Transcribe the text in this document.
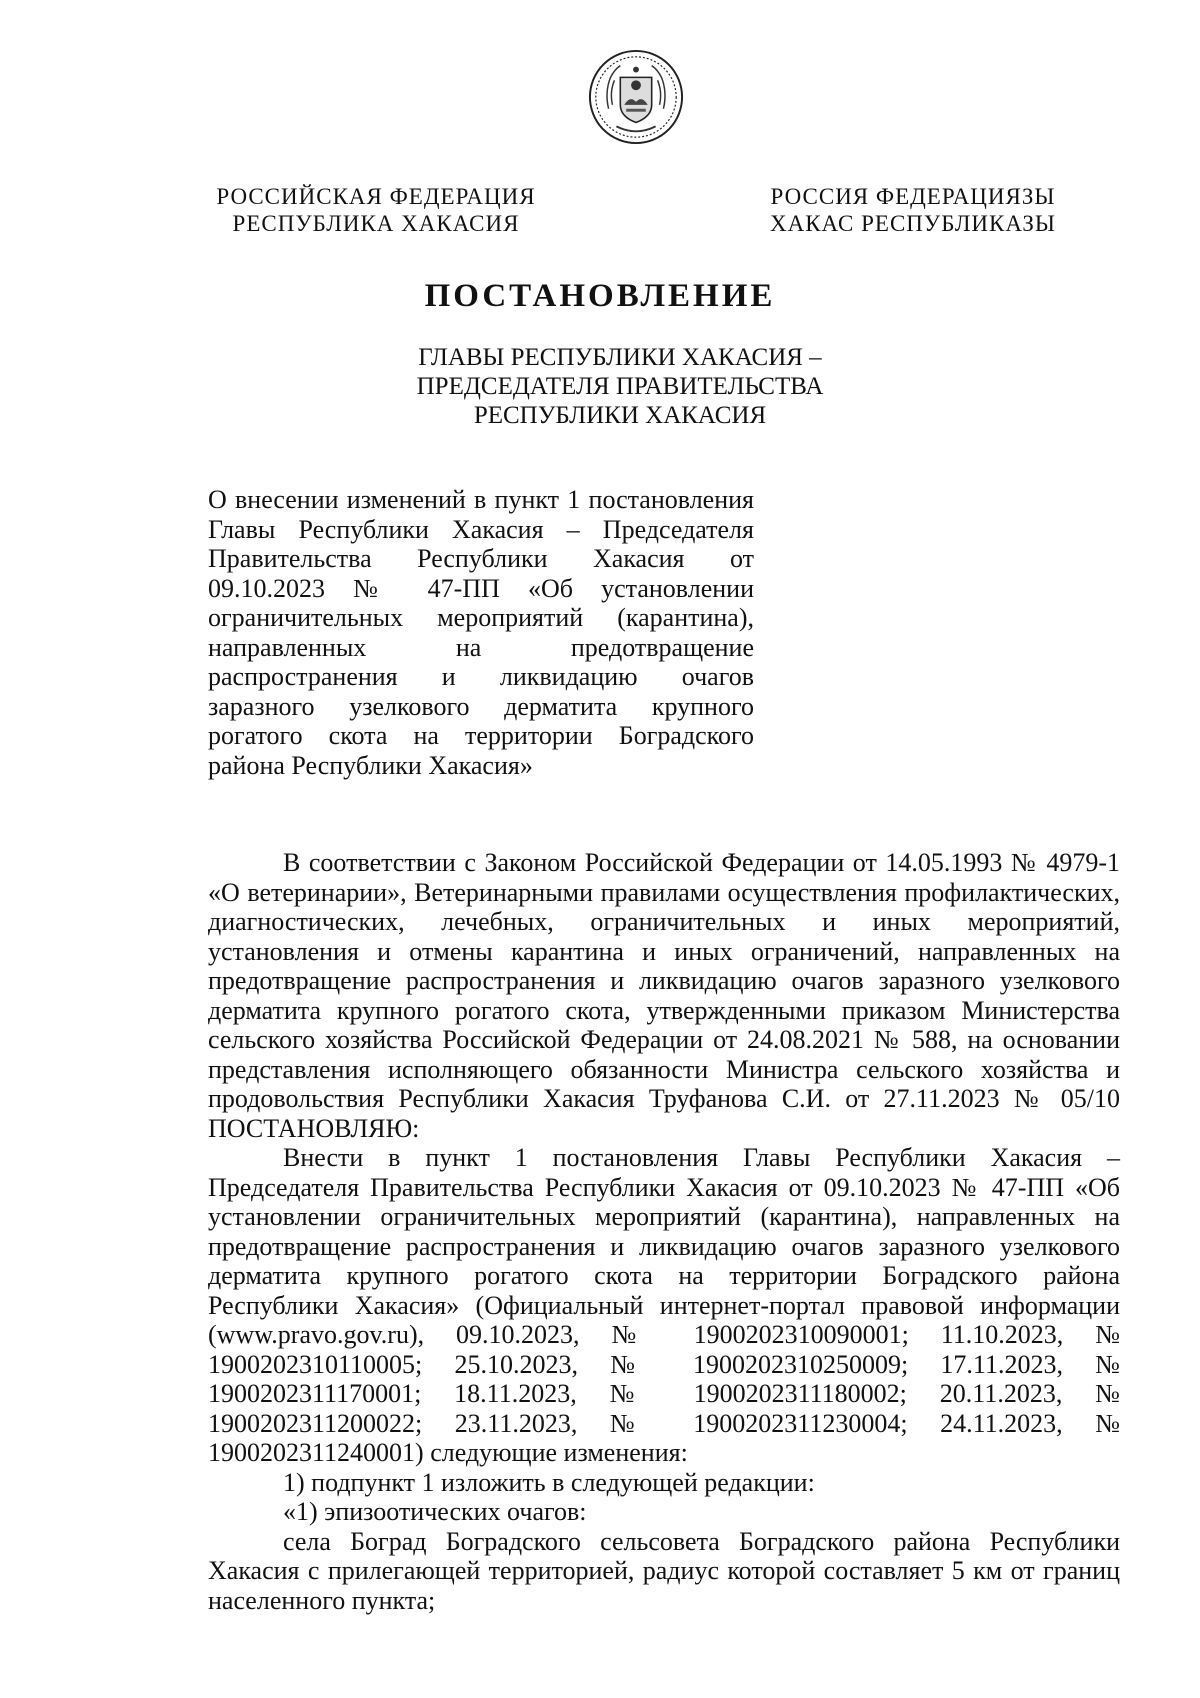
РОССИЙСКАЯ ФЕДЕРАЦИЯ
РЕСПУБЛИКА ХАКАСИЯ
РОССИЯ ФЕДЕРАЦИЯЗЫ
ХАКАС РЕСПУБЛИКАЗЫ
ПОСТАНОВЛЕНИЕ
ГЛАВЫ РЕСПУБЛИКИ ХАКАСИЯ –
ПРЕДСЕДАТЕЛЯ ПРАВИТЕЛЬСТВА
РЕСПУБЛИКИ ХАКАСИЯ
О внесении изменений в пункт 1 постановления Главы Республики Хакасия – Председателя Правительства Республики Хакасия от 09.10.2023 № 47-ПП «Об установлении ограничительных мероприятий (карантина), направленных на предотвращение распространения и ликвидацию очагов заразного узелкового дерматита крупного рогатого скота на территории Боградского района Республики Хакасия»

В соответствии с Законом Российской Федерации от 14.05.1993 № 4979-1 «О ветеринарии», Ветеринарными правилами осуществления профилактических, диагностических, лечебных, ограничительных и иных мероприятий, установления и отмены карантина и иных ограничений, направленных на предотвращение распространения и ликвидацию очагов заразного узелкового дерматита крупного рогатого скота, утвержденными приказом Министерства сельского хозяйства Российской Федерации от 24.08.2021 № 588, на основании представления исполняющего обязанности Министра сельского хозяйства и продовольствия Республики Хакасия Труфанова С.И. от 27.11.2023 № 05/10 ПОСТАНОВЛЯЮ:

Внести в пункт 1 постановления Главы Республики Хакасия – Председателя Правительства Республики Хакасия от 09.10.2023 № 47-ПП «Об установлении ограничительных мероприятий (карантина), направленных на предотвращение распространения и ликвидацию очагов заразного узелкового дерматита крупного рогатого скота на территории Боградского района Республики Хакасия» (Официальный интернет-портал правовой информации (www.pravo.gov.ru), 09.10.2023, № 1900202310090001; 11.10.2023, № 1900202310110005; 25.10.2023, № 1900202310250009; 17.11.2023, № 1900202311170001; 18.11.2023, № 1900202311180002; 20.11.2023, № 1900202311200022; 23.11.2023, № 1900202311230004; 24.11.2023, № 1900202311240001) следующие изменения:

1) подпункт 1 изложить в следующей редакции:

«1) эпизоотических очагов:

села Боград Боградского сельсовета Боградского района Республики Хакасия с прилегающей территорией, радиус которой составляет 5 км от границ населенного пункта;
